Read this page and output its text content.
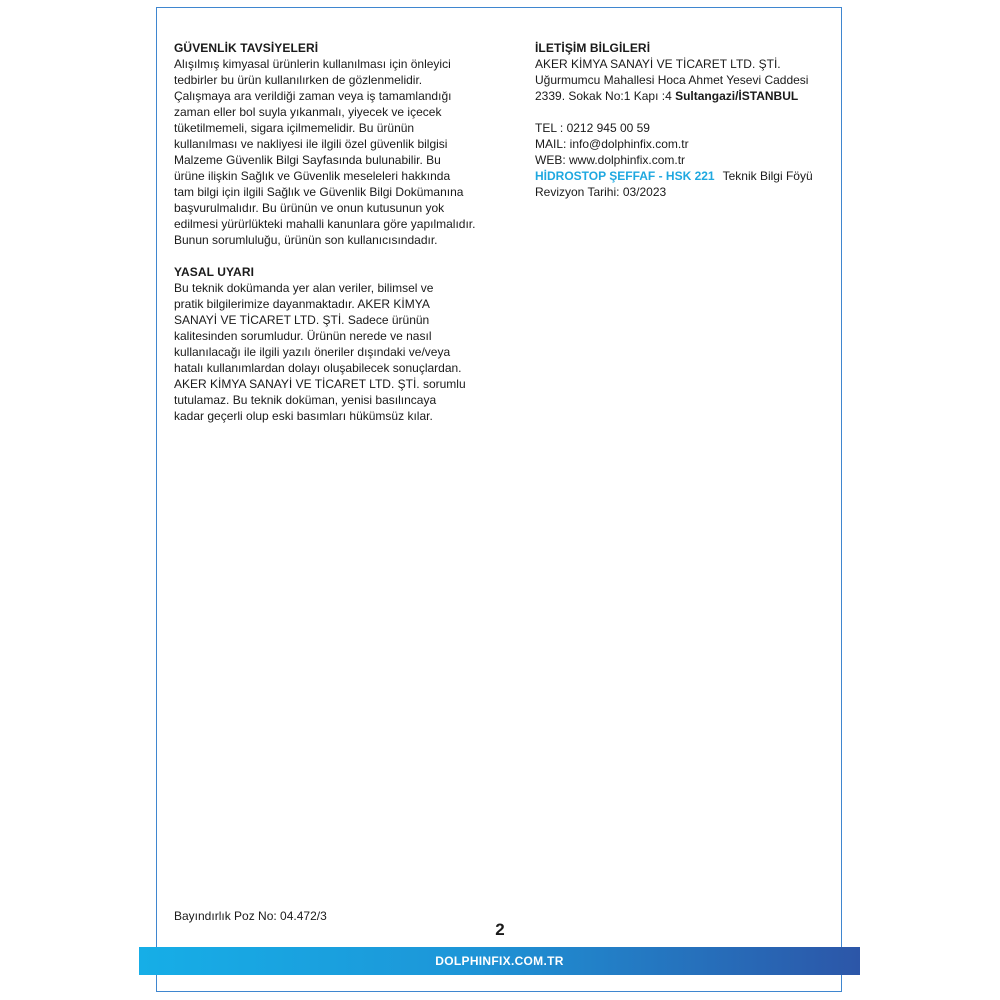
GÜVENLİK TAVSİYELERİ

Alışılmış kimyasal ürünlerin kullanılması için önleyici
tedbirler bu ürün kullanılırken de gözlenmelidir.
Çalışmaya ara verildiği zaman veya iş tamamlandığı
zaman eller bol suyla yıkanmalı, yiyecek ve içecek
tüketilmemeli, sigara içilmemelidir. Bu ürünün
kullanılması ve nakliyesi ile ilgili özel güvenlik bilgisi
Malzeme Güvenlik Bilgi Sayfasında bulunabilir. Bu
ürüne ilişkin Sağlık ve Güvenlik meseleleri hakkında
tam bilgi için ilgili Sağlık ve Güvenlik Bilgi Dokümanına
başvurulmalıdır. Bu ürünün ve onun kutusunun yok
edilmesi yürürlükteki mahalli kanunlara göre yapılmalıdır.
Bunun sorumluluğu, ürünün son kullanıcısındadır.

YASAL UYARI

Bu teknik dokümanda yer alan veriler, bilimsel ve
pratik bilgilerimize dayanmaktadır. AKER KİMYA
SANAYİ VE TİCARET LTD. ŞTİ. Sadece ürünün
kalitesinden sorumludur. Ürünün nerede ve nasıl
kullanılacağı ile ilgili yazılı öneriler dışındaki ve/veya
hatalı kullanımlardan dolayı oluşabilecek sonuçlardan.
AKER KİMYA SANAYİ VE TİCARET LTD. ŞTİ. sorumlu
tutulamaz. Bu teknik doküman, yenisi basılıncaya
kadar geçerli olup eski basımları hükümsüz kılar.

İLETİŞİM BİLGİLERİ

AKER KİMYA SANAYİ VE TİCARET LTD. ŞTİ.

Uğurmumcu Mahallesi Hoca Ahmet Yesevi Caddesi

2339. Sokak No:1 Kapı :4 Sultangazi/İSTANBUL

TEL : 0212 945 00 59

MAIL: info@dolphinfix.com.tr

WEB: www.dolphinfix.com.tr

HİDROSTOP ŞEFFAF - HSK 221 Teknik Bilgi Föyü

Revizyon Tarihi: 03/2023

Bayındırlık Poz No: 04.472/3
2
DOLPHINFIX.COM.TR
